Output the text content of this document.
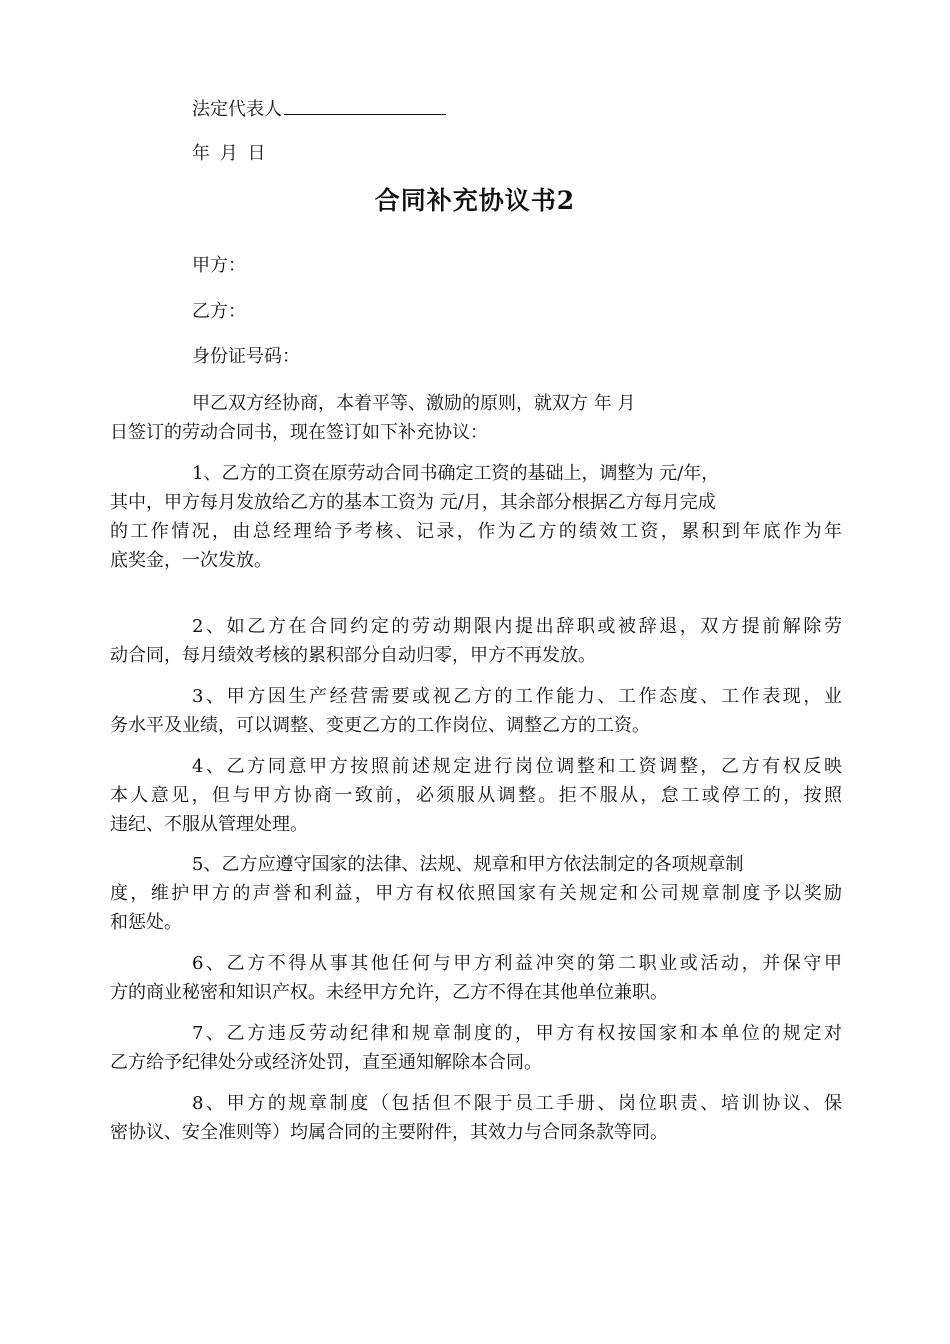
法定代表人
年 月 日
合同补充协议书2
甲方：
乙方：
身份证号码：
甲乙双方经协商，本着平等、激励的原则，就双方 年 月
日签订的劳动合同书，现在签订如下补充协议：
1、乙方的工资在原劳动合同书确定工资的基础上，调整为 元/年，
其中，甲方每月发放给乙方的基本工资为 元/月，其余部分根据乙方每月完成
的工作情况，由总经理给予考核、记录，作为乙方的绩效工资，累积到年底作为年
底奖金，一次发放。
2、如乙方在合同约定的劳动期限内提出辞职或被辞退，双方提前解除劳
动合同，每月绩效考核的累积部分自动归零，甲方不再发放。
3、甲方因生产经营需要或视乙方的工作能力、工作态度、工作表现，业
务水平及业绩，可以调整、变更乙方的工作岗位、调整乙方的工资。
4、乙方同意甲方按照前述规定进行岗位调整和工资调整，乙方有权反映
本人意见，但与甲方协商一致前，必须服从调整。拒不服从，怠工或停工的，按照
违纪、不服从管理处理。
5、乙方应遵守国家的法律、法规、规章和甲方依法制定的各项规章制
度，维护甲方的声誉和利益，甲方有权依照国家有关规定和公司规章制度予以奖励
和惩处。
6、乙方不得从事其他任何与甲方利益冲突的第二职业或活动，并保守甲
方的商业秘密和知识产权。未经甲方允许，乙方不得在其他单位兼职。
7、乙方违反劳动纪律和规章制度的，甲方有权按国家和本单位的规定对
乙方给予纪律处分或经济处罚，直至通知解除本合同。
8、甲方的规章制度（包括但不限于员工手册、岗位职责、培训协议、保
密协议、安全准则等）均属合同的主要附件，其效力与合同条款等同。
